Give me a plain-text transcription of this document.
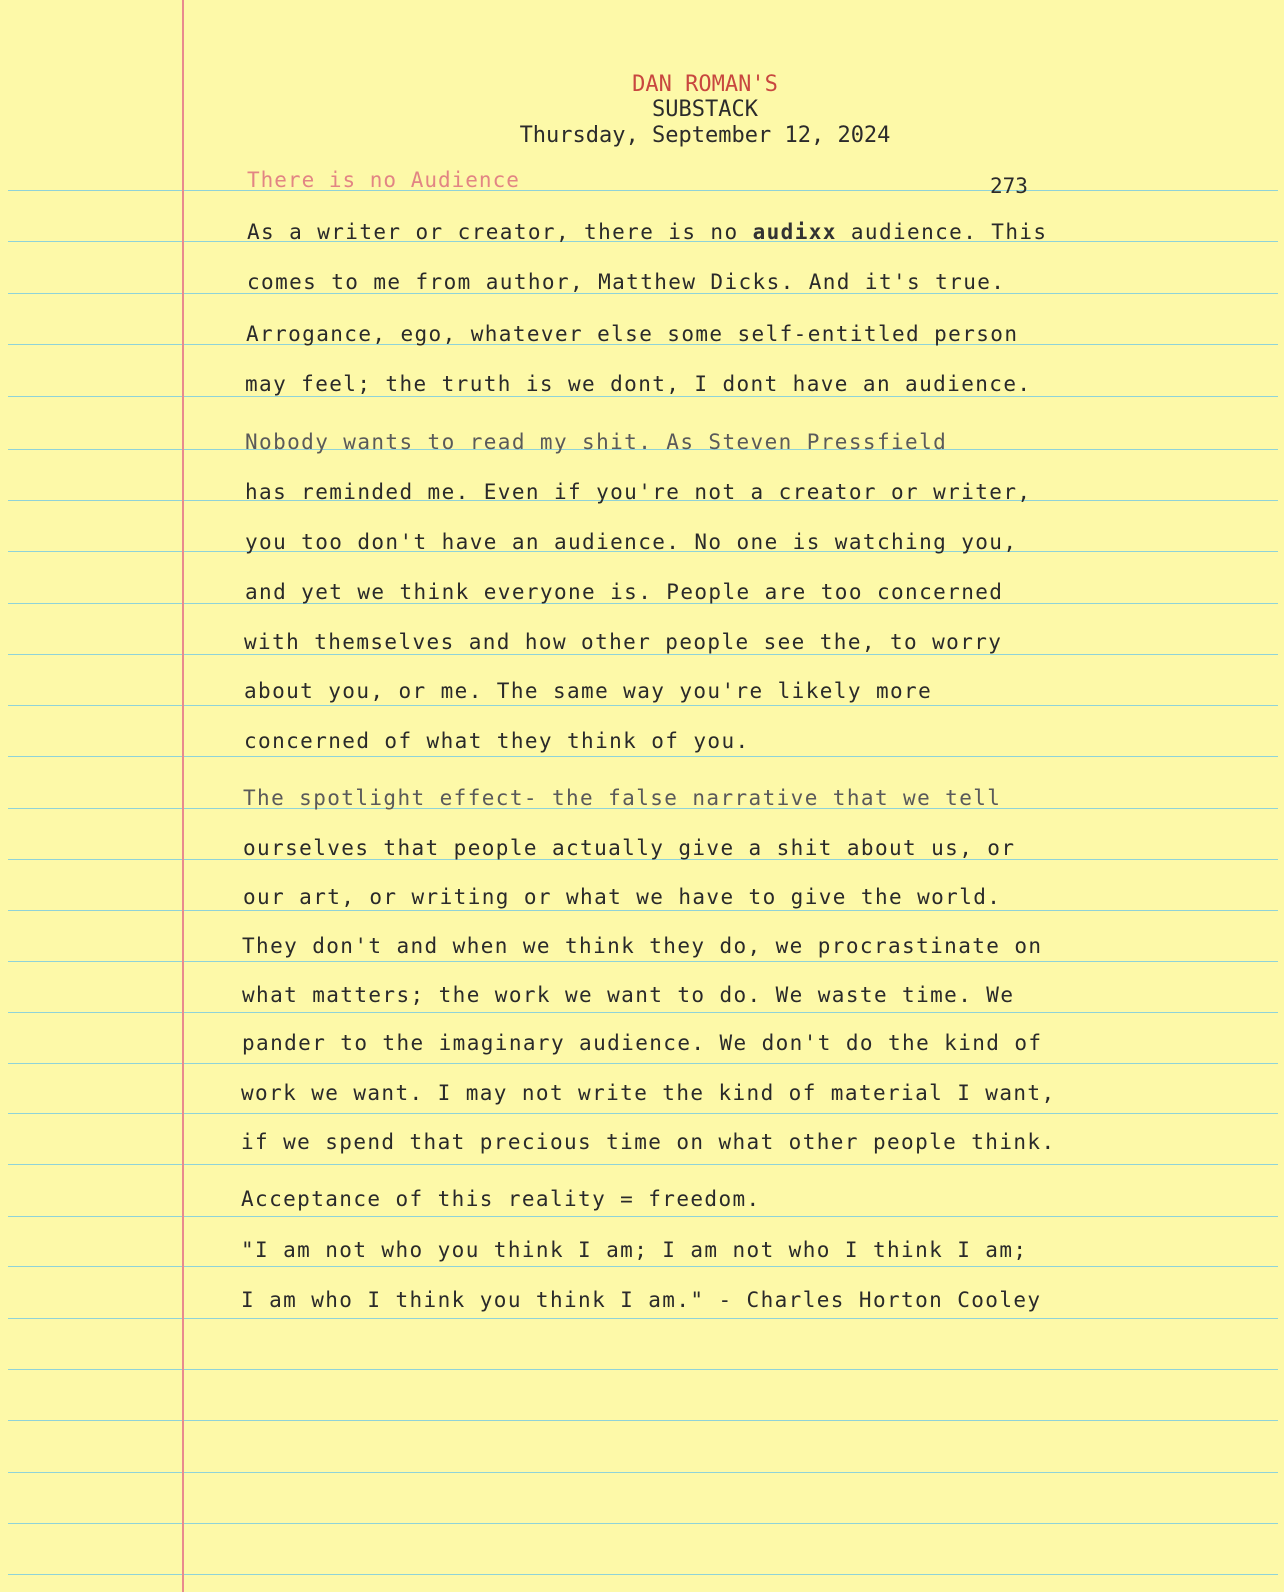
DAN ROMAN'S
SUBSTACK
Thursday, September 12, 2024
There is no Audience	273
As a writer or creator, there is no audixx audience. This
comes to me from author, Matthew Dicks. And it's true.
Arrogance, ego, whatever else some self-entitled person
may feel; the truth is we dont, I dont have an audience.
Nobody wants to read my shit. As Steven Pressfield
has reminded me. Even if you're not a creator or writer,
you too don't have an audience. No one is watching you,
and yet we think everyone is. People are too concerned
with themselves and how other people see the, to worry
about you, or me. The same way you're likely more
concerned of what they think of you.
The spotlight effect- the false narrative that we tell
ourselves that people actually give a shit about us, or
our art, or writing or what we have to give the world.
They don't and when we think they do, we procrastinate on
what matters; the work we want to do. We waste time. We
pander to the imaginary audience. We don't do the kind of
work we want. I may not write the kind of material I want,
if we spend that precious time on what other people think.
Acceptance of this reality = freedom.
"I am not who you think I am; I am not who I think I am;
I am who I think you think I am." - Charles Horton Cooley
